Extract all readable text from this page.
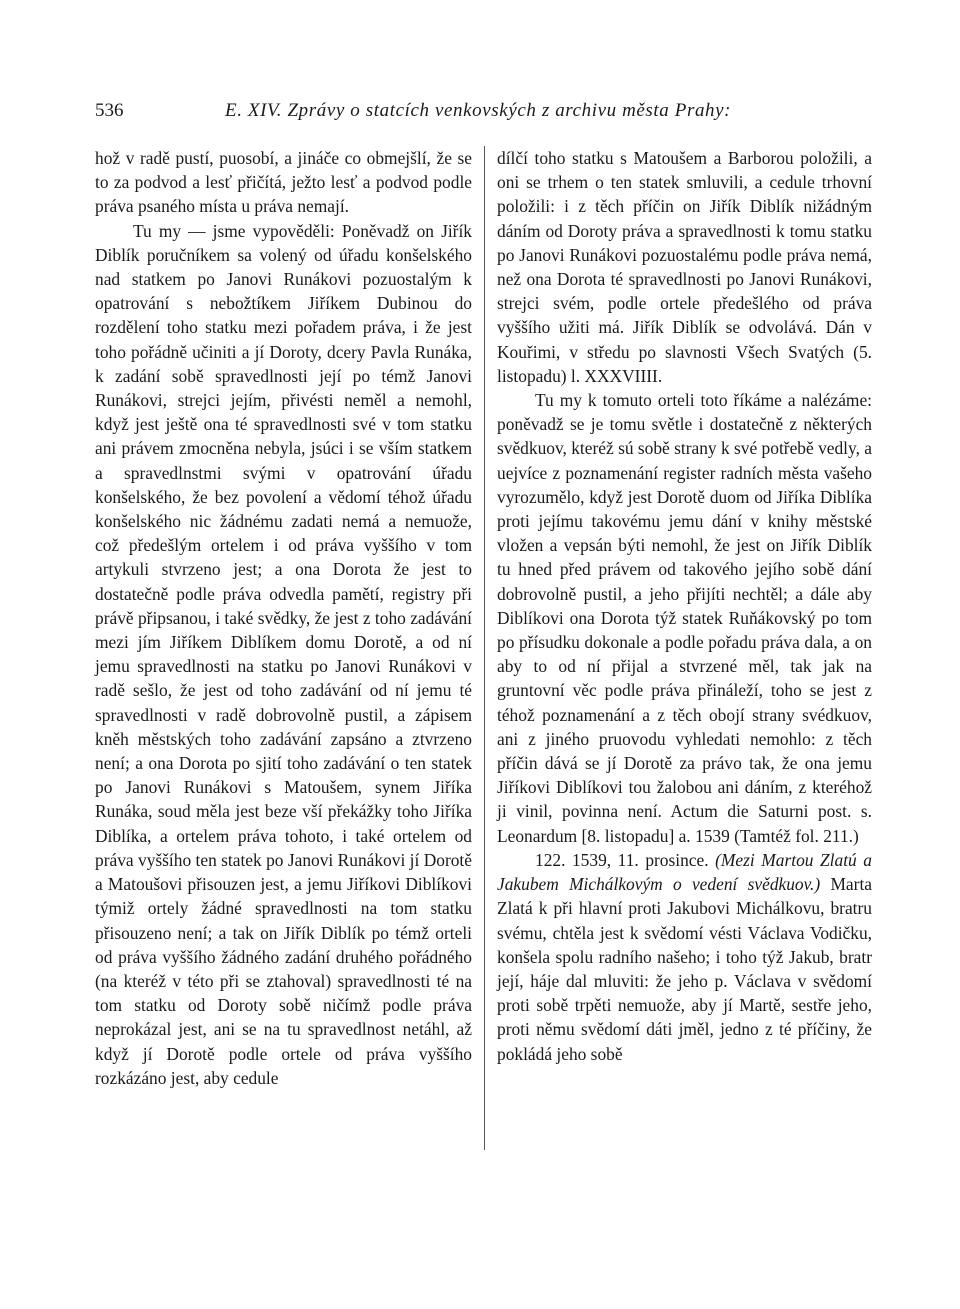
536	E. XIV. Zprávy o statcích venkovských z archivu města Prahy:

hož v radě pustí, puosobí, a jináče co obmejšlí, že se to za podvod a lesť přičítá, ježto lesť a podvod podle práva psaného místa u práva nemají.

Tu my — jsme vypověděli: Poněvadž on Jiřík Diblík poručníkem sa volený od úřadu konšelského nad statkem po Janovi Runákovi pozuostalým k opatrování s nebožtíkem Jiříkem Dubinou do rozdělení toho statku mezi pořadem práva, i že jest toho pořádně učiniti a jí Doroty, dcery Pavla Runáka, k zadání sobě spravedlnosti její po témž Janovi Runákovi, strejci jejím, přivésti neměl a nemohl, když jest ještě ona té spravedlnosti své v tom statku ani právem zmocněna nebyla, jsúci i se vším statkem a spravedlnstmi svými v opatrování úřadu konšelského, že bez povolení a vědomí téhož úřadu konšelského nic žádnému zadati nemá a nemuože, což předešlým ortelem i od práva vyššího v tom artykuli stvrzeno jest; a ona Dorota že jest to dostatečně podle práva odvedla pamětí, registry při právě připsanou, i také svědky, že jest z toho zadávání mezi jím Jiříkem Diblíkem domu Dorotě, a od ní jemu spravedlnosti na statku po Janovi Runákovi v radě sešlo, že jest od toho zadávání od ní jemu té spravedlnosti v radě dobrovolně pustil, a zápisem kněh městských toho zadávání zapsáno a ztvrzeno není; a ona Dorota po sjití toho zadávání o ten statek po Janovi Runákovi s Matoušem, synem Jiříka Runáka, soud měla jest beze vší překážky toho Jiříka Diblíka, a ortelem práva tohoto, i také ortelem od práva vyššího ten statek po Janovi Runákovi jí Dorotě a Matoušovi přisouzen jest, a jemu Jiříkovi Diblíkovi týmiž ortely žádné spravedlnosti na tom statku přisouzeno není; a tak on Jiřík Diblík po témž orteli od práva vyššího žádného zadání druhého pořádného (na kteréž v této při se ztahoval) spravedlnosti té na tom statku od Doroty sobě ničímž podle práva neprokázal jest, ani se na tu spravedlnost netáhl, až když jí Dorotě podle ortele od práva vyššího rozkázáno jest, aby cedule

dílčí toho statku s Matoušem a Barborou položili, a oni se trhem o ten statek smluvili, a cedule trhovní položili: i z těch příčin on Jiřík Diblík nižádným dáním od Doroty práva a spravedlnosti k tomu statku po Janovi Runákovi pozuostalému podle práva nemá, než ona Dorota té spravedlnosti po Janovi Runákovi, strejci svém, podle ortele předešlého od práva vyššího užiti má. Jiřík Diblík se odvolává. Dán v Kouřimi, v středu po slavnosti Všech Svatých (5. listopadu) l. XXXVIIII.

Tu my k tomuto orteli toto říkáme a nalézáme: poněvadž se je tomu světle i dostatečně z některých svědkuov, kteréž sú sobě strany k své potřebě vedly, a uejvíce z poznamenání register radních města vašeho vyrozumělo, když jest Dorotě duom od Jiříka Diblíka proti jejímu takovému jemu dání v knihy městské vložen a vepsán býti nemohl, že jest on Jiřík Diblík tu hned před právem od takového jejího sobě dání dobrovolně pustil, a jeho přijíti nechtěl; a dále aby Diblíkovi ona Dorota týž statek Ruňákovský po tom po přísudku dokonale a podle pořadu práva dala, a on aby to od ní přijal a stvrzené měl, tak jak na gruntovní věc podle práva přináleží, toho se jest z téhož poznamenání a z těch obojí strany svédkuov, ani z jiného pruovodu vyhledati nemohlo: z těch příčin dává se jí Dorotě za právo tak, že ona jemu Jiříkovi Diblíkovi tou žalobou ani dáním, z kteréhož ji vinil, povinna není. Actum die Saturni post. s. Leonardum [8. listopadu] a. 1539 (Tamtéž fol. 211.)

122. 1539, 11. prosince. (Mezi Martou Zlatú a Jakubem Michálkovým o vedení svědkuov.) Marta Zlatá k při hlavní proti Jakubovi Michálkovu, bratru svému, chtěla jest k svědomí vésti Václava Vodičku, konšela spolu radního našeho; i toho týž Jakub, bratr její, háje dal mluviti: že jeho p. Václava v svědomí proti sobě trpěti nemuože, aby jí Martě, sestře jeho, proti němu svědomí dáti jměl, jedno z té příčiny, že pokládá jeho sobě
